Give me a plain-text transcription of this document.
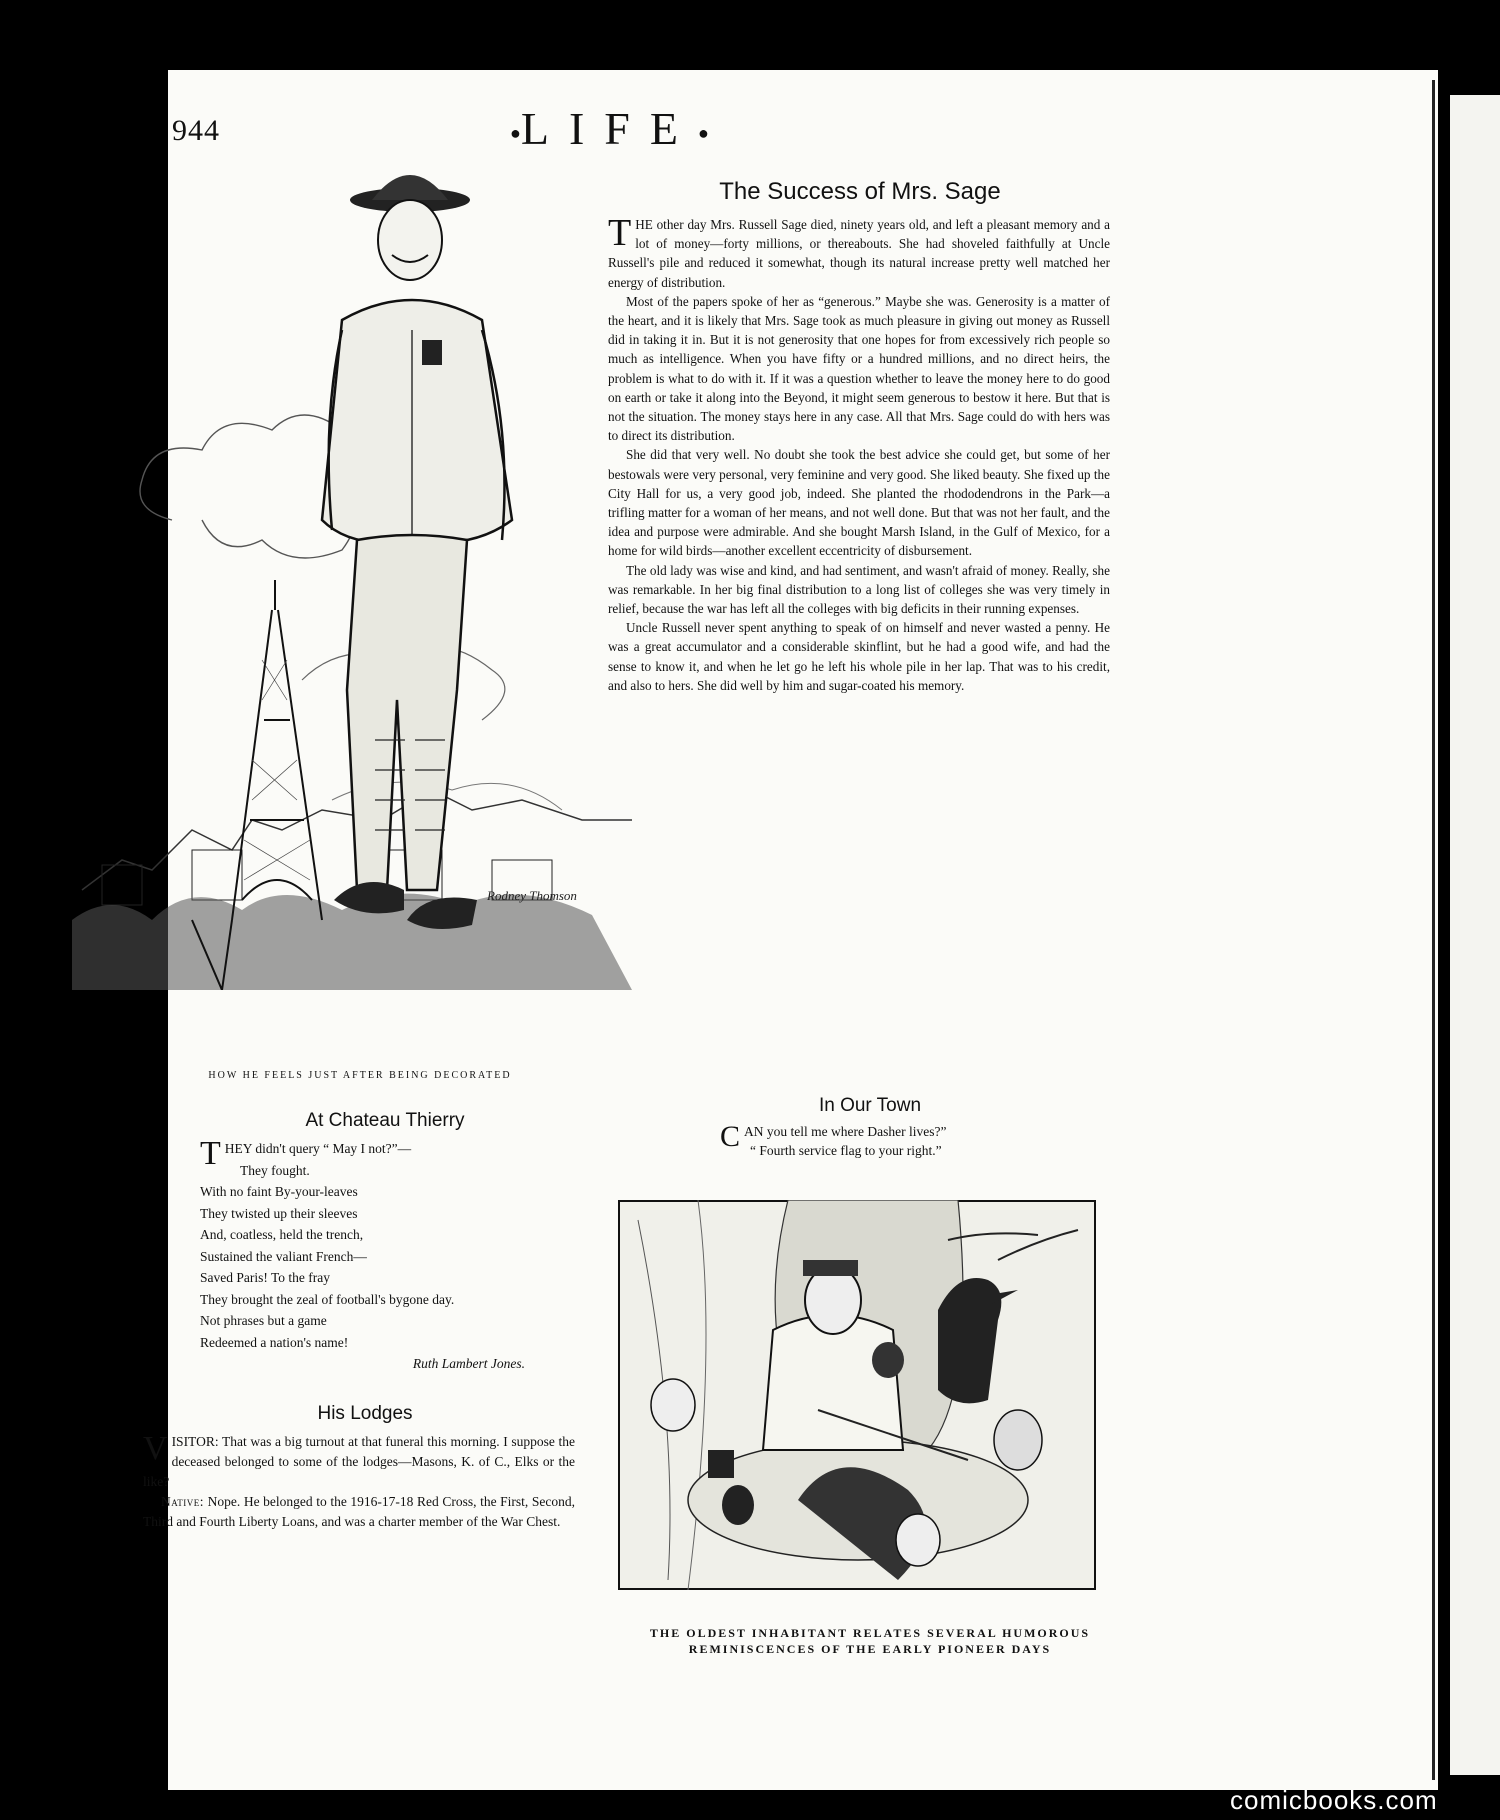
944	●LIFE●
Rodney Thomson
HOW HE FEELS JUST AFTER BEING DECORATED
The Success of Mrs. Sage

THE other day Mrs. Russell Sage died, ninety years old, and left a pleasant memory and a lot of money—forty millions, or thereabouts. She had shoveled faithfully at Uncle Russell's pile and reduced it somewhat, though its natural increase pretty well matched her energy of distribution.

Most of the papers spoke of her as “generous.” Maybe she was. Generosity is a matter of the heart, and it is likely that Mrs. Sage took as much pleasure in giving out money as Russell did in taking it in. But it is not generosity that one hopes for from excessively rich people so much as intelligence. When you have fifty or a hundred millions, and no direct heirs, the problem is what to do with it. If it was a question whether to leave the money here to do good on earth or take it along into the Beyond, it might seem generous to bestow it here. But that is not the situation. The money stays here in any case. All that Mrs. Sage could do with hers was to direct its distribution.

She did that very well. No doubt she took the best advice she could get, but some of her bestowals were very personal, very feminine and very good. She liked beauty. She fixed up the City Hall for us, a very good job, indeed. She planted the rhododendrons in the Park—a trifling matter for a woman of her means, and not well done. But that was not her fault, and the idea and purpose were admirable. And she bought Marsh Island, in the Gulf of Mexico, for a home for wild birds—another excellent eccentricity of disbursement.

The old lady was wise and kind, and had sentiment, and wasn't afraid of money. Really, she was remarkable. In her big final distribution to a long list of colleges she was very timely in relief, because the war has left all the colleges with big deficits in their running expenses.

Uncle Russell never spent anything to speak of on himself and never wasted a penny. He was a great accumulator and a considerable skinflint, but he had a good wife, and had the sense to know it, and when he let go he left his whole pile in her lap. That was to his credit, and also to hers. She did well by him and sugar-coated his memory.

At Chateau Thierry
T HEY didn't query “ May I not?”—
They fought.
With no faint By-your-leaves
They twisted up their sleeves
And, coatless, held the trench,
Sustained the valiant French—
Saved Paris! To the fray
They brought the zeal of football's bygone day.
Not phrases but a game
Redeemed a nation's name!
Ruth Lambert Jones.
His Lodges

VISITOR: That was a big turnout at that funeral this morning. I suppose the deceased belonged to some of the lodges—Masons, K. of C., Elks or the like?

Native: Nope. He belonged to the 1916-17-18 Red Cross, the First, Second, Third and Fourth Liberty Loans, and was a charter member of the War Chest.

In Our Town
C AN you tell me where Dasher lives?”
“ Fourth service flag to your right.”
THE OLDEST INHABITANT RELATES SEVERAL HUMOROUS
REMINISCENCES OF THE EARLY PIONEER DAYS
comicbooks.com
